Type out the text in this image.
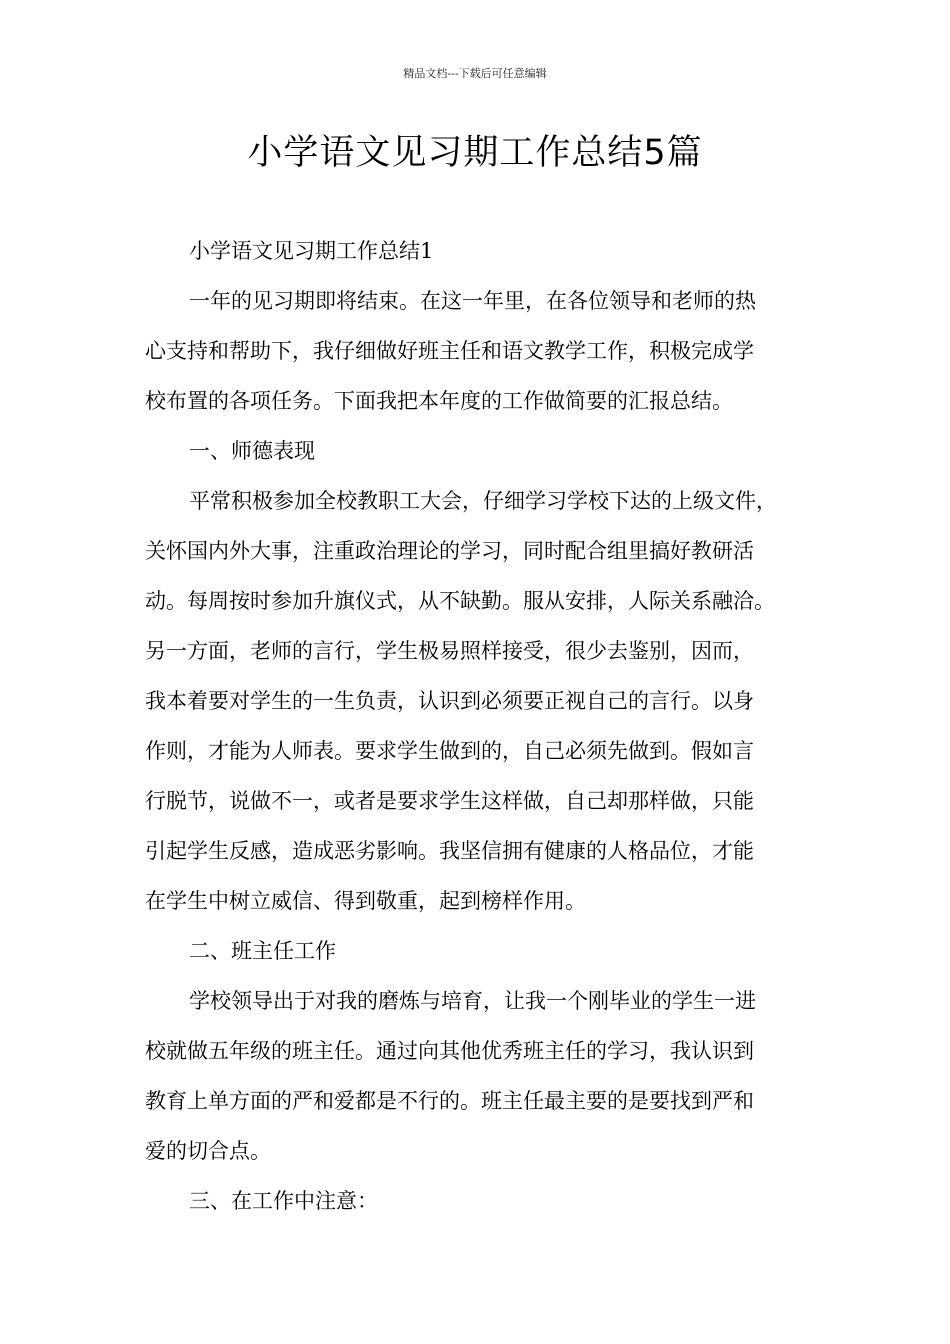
精品文档---下载后可任意编辑
小学语文见习期工作总结5篇
小学语文见习期工作总结1
一年的见习期即将结束。在这一年里，在各位领导和老师的热
心支持和帮助下，我仔细做好班主任和语文教学工作，积极完成学
校布置的各项任务。下面我把本年度的工作做简要的汇报总结。
一、师德表现
平常积极参加全校教职工大会，仔细学习学校下达的上级文件，
关怀国内外大事，注重政治理论的学习，同时配合组里搞好教研活
动。每周按时参加升旗仪式，从不缺勤。服从安排，人际关系融洽。
另一方面，老师的言行，学生极易照样接受，很少去鉴别，因而，
我本着要对学生的一生负责，认识到必须要正视自己的言行。以身
作则，才能为人师表。要求学生做到的，自己必须先做到。假如言
行脱节，说做不一，或者是要求学生这样做，自己却那样做，只能
引起学生反感，造成恶劣影响。我坚信拥有健康的人格品位，才能
在学生中树立威信、得到敬重，起到榜样作用。
二、班主任工作
学校领导出于对我的磨炼与培育，让我一个刚毕业的学生一进
校就做五年级的班主任。通过向其他优秀班主任的学习，我认识到
教育上单方面的严和爱都是不行的。班主任最主要的是要找到严和
爱的切合点。
三、在工作中注意：
